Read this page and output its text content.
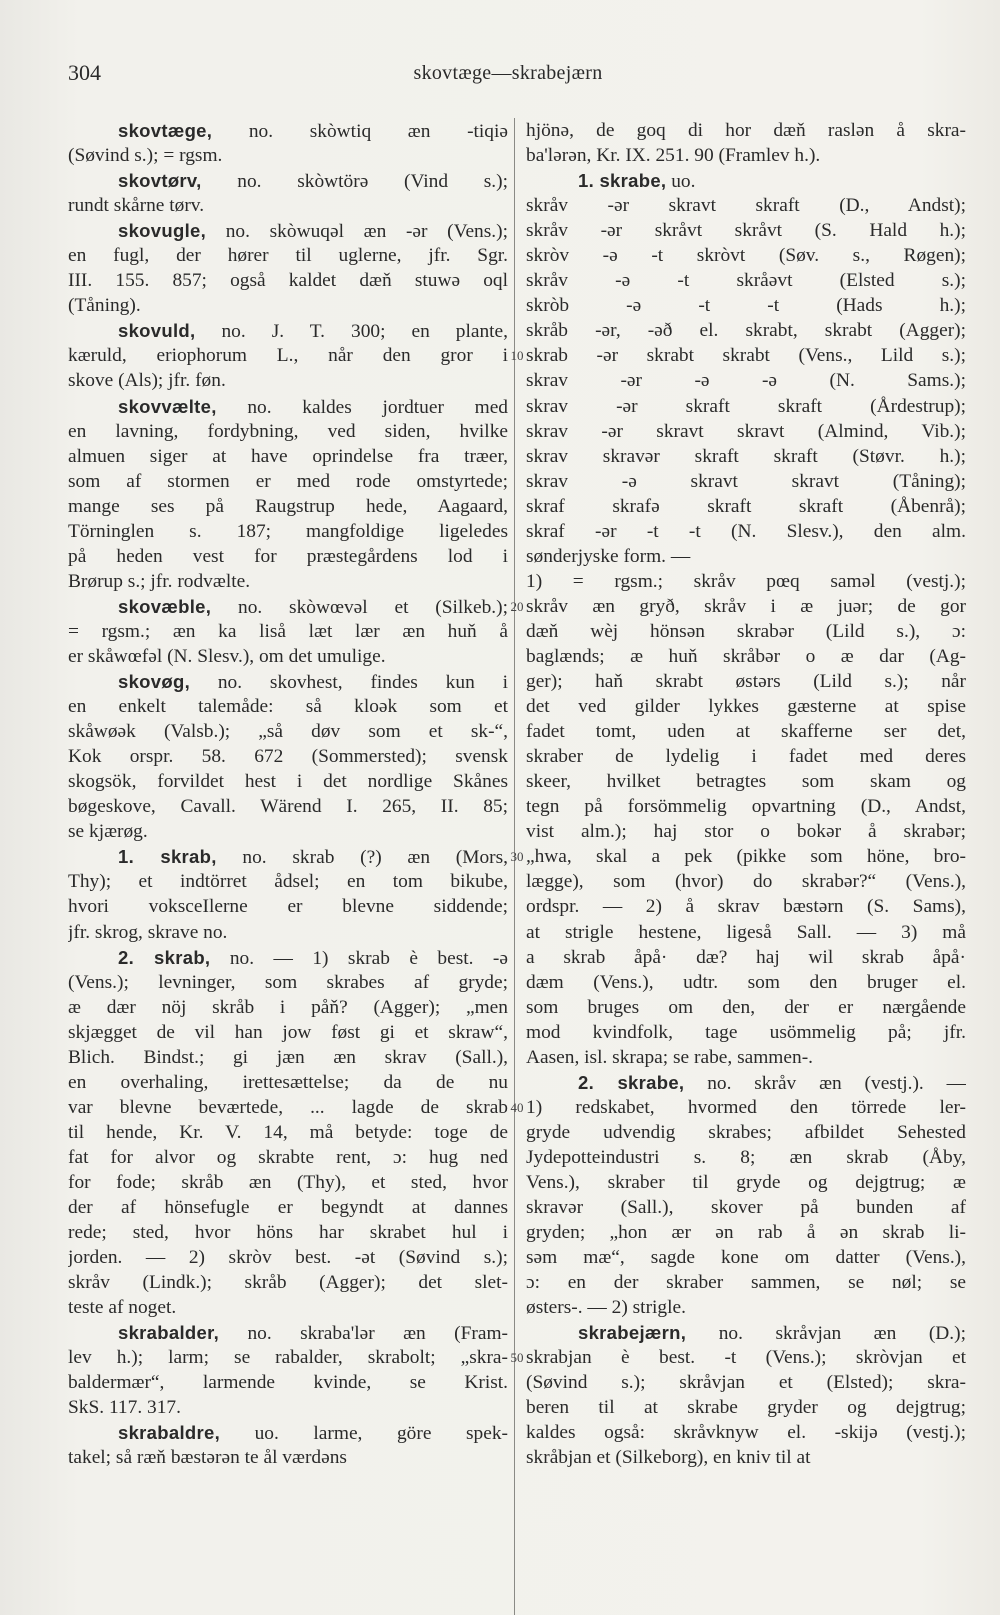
304	skovtæge—skrabejærn
skovtæge, no. skòwtiq æn -tiqiə
(Søvind s.); = rgsm.
skovtørv, no. skòwtörə (Vind s.);
rundt skårne tørv.
skovugle, no. skòwuqəl æn -ər (Vens.);
en fugl, der hører til uglerne, jfr. Sgr.
III. 155. 857; også kaldet dæň stuwə oql
(Tåning).
skovuld, no. J. T. 300; en plante,
kæruld, eriophorum L., når den gror i
skove (Als); jfr. føn.
skovvælte, no. kaldes jordtuer med
en lavning, fordybning, ved siden, hvilke
almuen siger at have oprindelse fra træer,
som af stormen er med rode omstyrtede;
mange ses på Raugstrup hede, Aagaard,
Törninglen s. 187; mangfoldige ligeledes
på heden vest for præstegårdens lod i
Brørup s.; jfr. rodvælte.
skovæble, no. skòwœvəl et (Silkeb.);
= rgsm.; æn ka liså læt lær æn huň å
er skåwœfəl (N. Slesv.), om det umulige.
skovøg, no. skovhest, findes kun i
en enkelt talemåde: så kloək som et
skåwøək (Valsb.); „så døv som et sk-“,
Kok orspr. 58. 672 (Sommersted); svensk
skogsök, forvildet hest i det nordlige Skånes
bøgeskove, Cavall. Wärend I. 265, II. 85;
se kjærøg.
1. skrab, no. skrab (?) æn (Mors,
Thy); et indtörret ådsel; en tom bikube,
hvori voksceIlerne er blevne siddende;
jfr. skrog, skrave no.
2. skrab, no. — 1) skrab è best. -ə
(Vens.); levninger, som skrabes af gryde;
æ dær nöj skråb i påň? (Agger); „men
skjægget de vil han jow føst gi et skraw“,
Blich. Bindst.; gi jæn æn skrav (Sall.),
en overhaling, irettesættelse; da de nu
var blevne beværtede, ... lagde de skrab
til hende, Kr. V. 14, må betyde: toge de
fat for alvor og skrabte rent, ɔ: hug ned
for fode; skråb æn (Thy), et sted, hvor
der af hönsefugle er begyndt at dannes
rede; sted, hvor höns har skrabet hul i
jorden. — 2) skròv best. -ət (Søvind s.);
skråv (Lindk.); skråb (Agger); det slet-
teste af noget.
skrabalder, no. skraba'lər æn (Fram-
lev h.); larm; se rabalder, skrabolt; „skra-
baldermær“, larmende kvinde, se Krist.
SkS. 117. 317.
skrabaldre, uo. larme, göre spek-
takel; så ræň bæstərən te ål værdəns
hjönə, de goq di hor dæň raslən å skra-
ba'lərən, Kr. IX. 251. 90 (Framlev h.).
1. skrabe, uo.
skråv -ər skravt skraft (D., Andst);
skråv -ər skråvt skråvt (S. Hald h.);
skròv -ə -t skròvt (Søv. s., Røgen);
skråv -ə -t skråəvt (Elsted s.);
skròb -ə -t -t (Hads h.);
skråb -ər, -əð el. skrabt, skrabt (Agger);
skrab -ər skrabt skrabt (Vens., Lild s.);
skrav -ər -ə -ə (N. Sams.);
skrav -ər skraft skraft (Årdestrup);
skrav -ər skravt skravt (Almind, Vib.);
skrav skravər skraft skraft (Støvr. h.);
skrav -ə skravt skravt (Tåning);
skraf skrafə skraft skraft (Åbenrå);
skraf -ər -t -t (N. Slesv.), den alm.
sønderjyske form. —
1) = rgsm.; skråv pœq saməl (vestj.);
skråv æn gryð, skråv i æ juər; de gor
dæň wèj hönsən skrabər (Lild s.), ɔ:
baglænds; æ huň skråbər o æ dar (Ag-
ger); haň skrabt østərs (Lild s.); når
det ved gilder lykkes gæsterne at spise
fadet tomt, uden at skafferne ser det,
skraber de lydelig i fadet med deres
skeer, hvilket betragtes som skam og
tegn på forsömmelig opvartning (D., Andst,
vist alm.); haj stor o bokər å skrabər;
„hwa, skal a pek (pikke som höne, bro-
lægge), som (hvor) do skrabər?“ (Vens.),
ordspr. — 2) å skrav bæstərn (S. Sams),
at strigle hestene, ligeså Sall. — 3) må
a skrab åpå· dæ? haj wil skrab åpå·
dæm (Vens.), udtr. som den bruger el.
som bruges om den, der er nærgående
mod kvindfolk, tage usömmelig på; jfr.
Aasen, isl. skrapa; se rabe, sammen-.
2. skrabe, no. skråv æn (vestj.). —
1) redskabet, hvormed den törrede ler-
gryde udvendig skrabes; afbildet Sehested
Jydepotteindustri s. 8; æn skrab (Åby,
Vens.), skraber til gryde og dejgtrug; æ
skravər (Sall.), skover på bunden af
gryden; „hon ær ən rab å ən skrab li-
səm mæ“, sagde kone om datter (Vens.),
ɔ: en der skraber sammen, se nøl; se
østers-. — 2) strigle.
skrabejærn, no. skråvjan æn (D.);
skrabjan è best. -t (Vens.); skròvjan et
(Søvind s.); skråvjan et (Elsted); skra-
beren til at skrabe gryder og dejgtrug;
kaldes også: skråvknyw el. -skijə (vestj.);
skråbjan et (Silkeborg), en kniv til at
10
20
30
40
50
